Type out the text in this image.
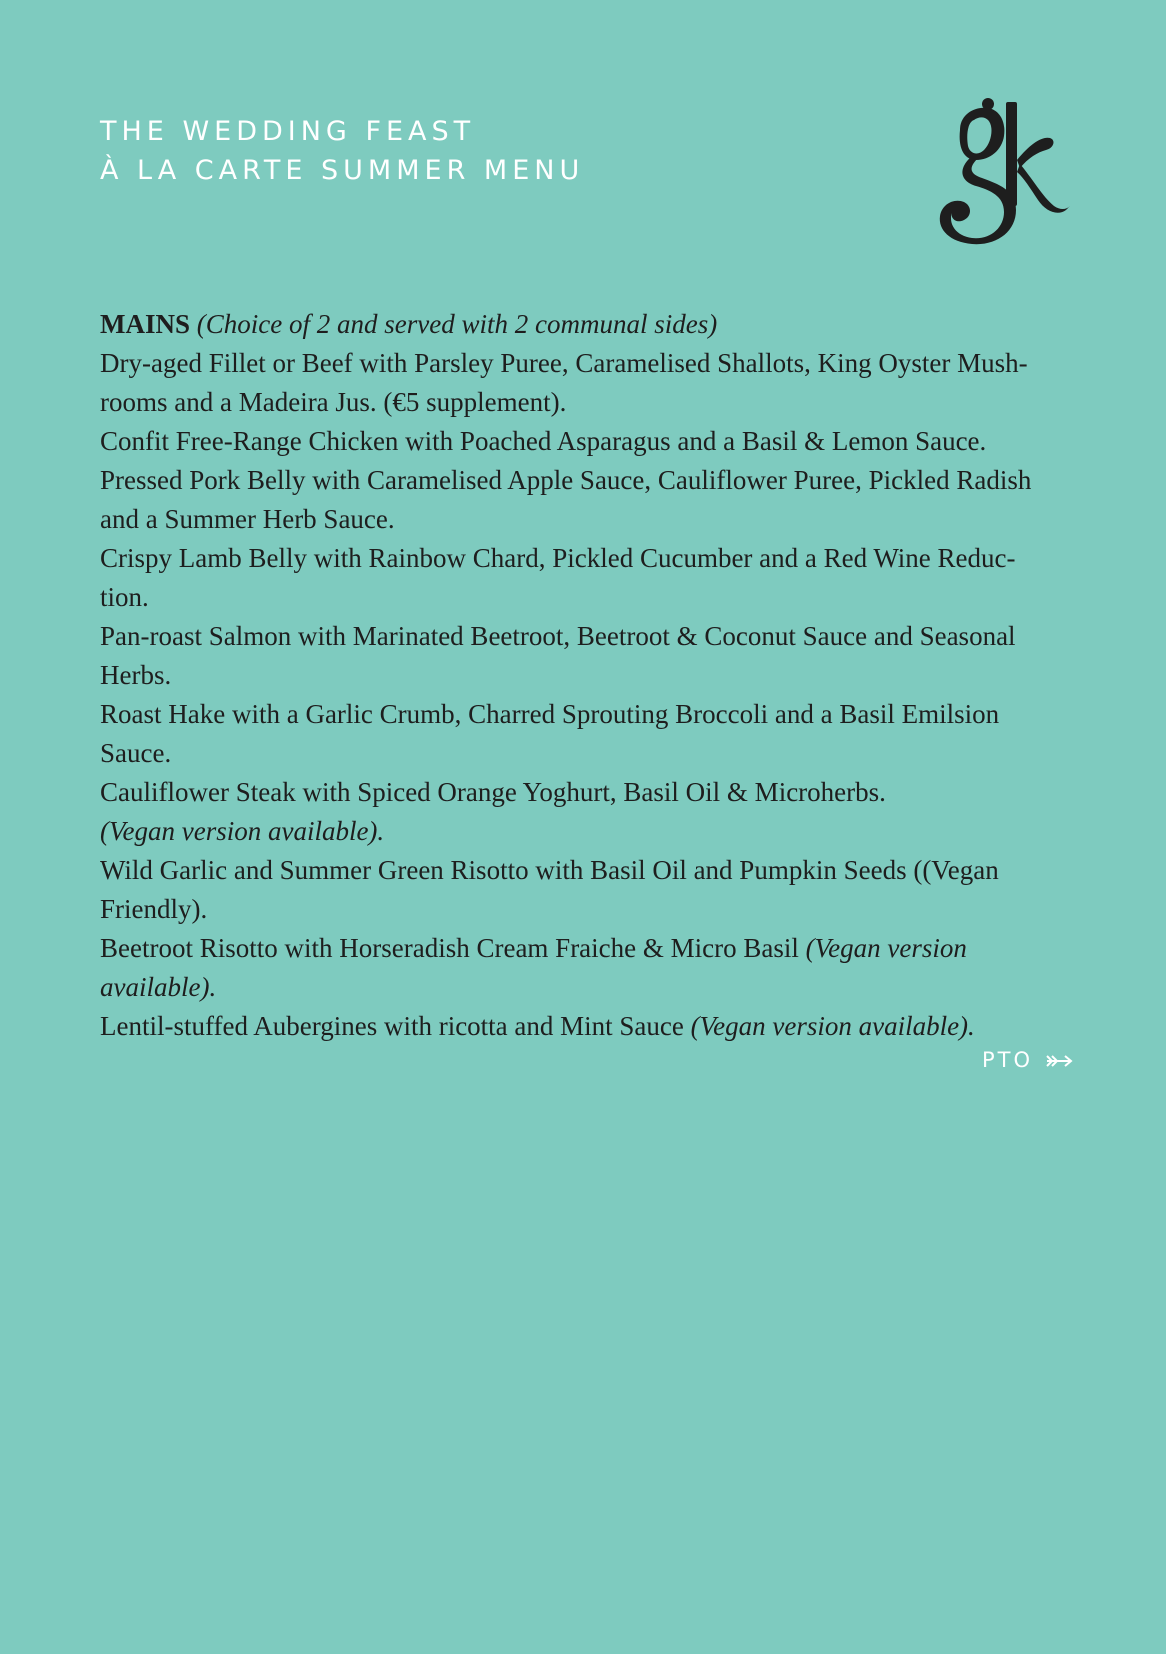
THE WEDDING FEAST
À LA CARTE SUMMER MENU

MAINS (Choice of 2 and served with 2 communal sides)

Dry-aged Fillet or Beef with Parsley Puree, Caramelised Shallots, King Oyster Mush- rooms and a Madeira Jus. (€5 supplement).

Confit Free-Range Chicken with Poached Asparagus and a Basil & Lemon Sauce.

Pressed Pork Belly with Caramelised Apple Sauce, Cauliflower Puree, Pickled Radish and a Summer Herb Sauce.

Crispy Lamb Belly with Rainbow Chard, Pickled Cucumber and a Red Wine Reduc- tion.

Pan-roast Salmon with Marinated Beetroot, Beetroot & Coconut Sauce and Seasonal Herbs.

Roast Hake with a Garlic Crumb, Charred Sprouting Broccoli and a Basil Emilsion Sauce.

Cauliflower Steak with Spiced Orange Yoghurt, Basil Oil & Microherbs.

(Vegan version available).

Wild Garlic and Summer Green Risotto with Basil Oil and Pumpkin Seeds ((Vegan Friendly).

Beetroot Risotto with Horseradish Cream Fraiche & Micro Basil (Vegan version available).

Lentil-stuffed Aubergines with ricotta and Mint Sauce (Vegan version available).

PTO
